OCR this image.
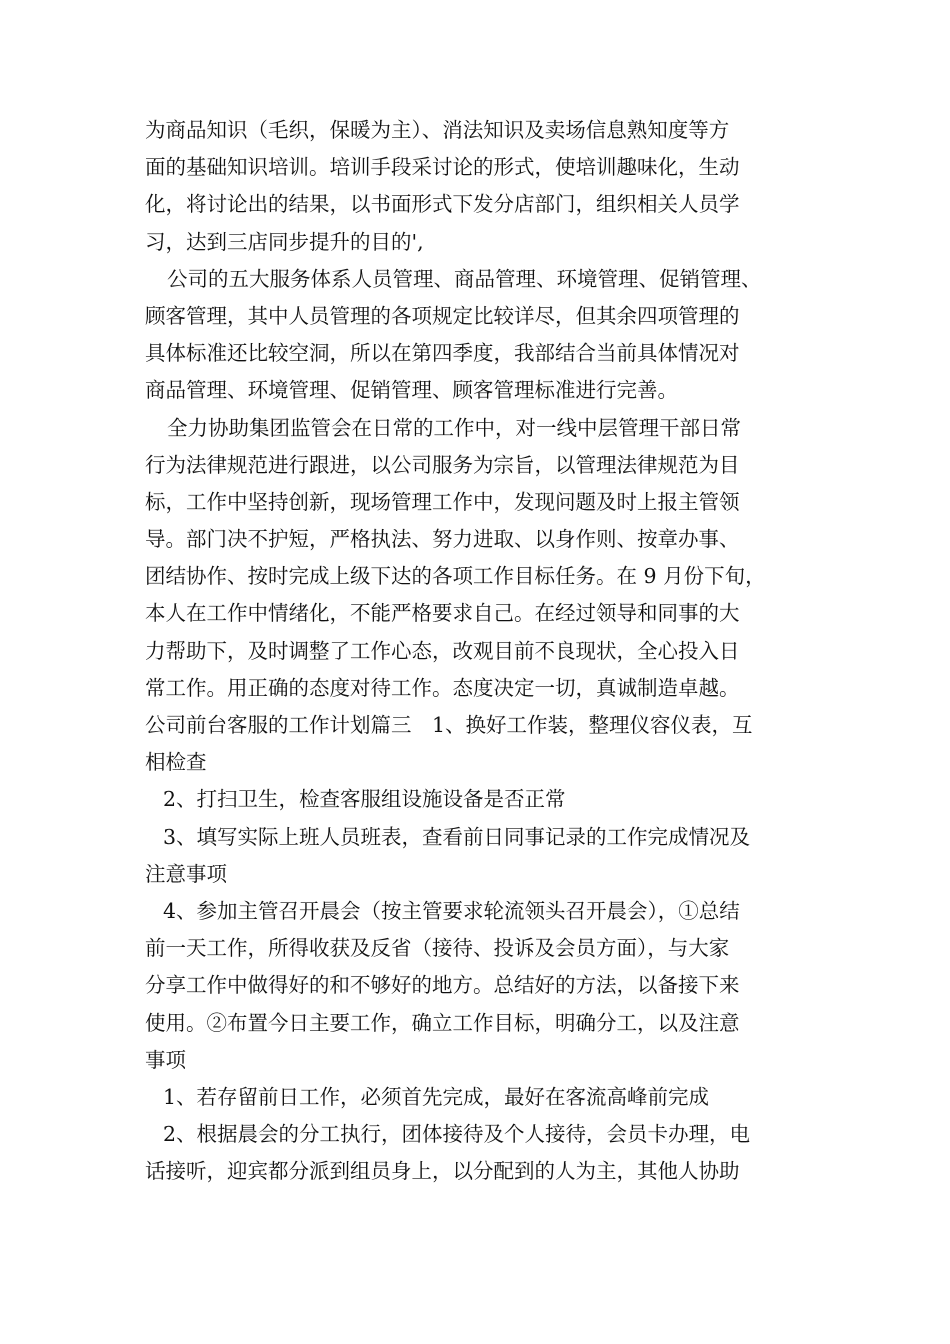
为商品知识（毛织，保暖为主）、消法知识及卖场信息熟知度等方
面的基础知识培训。培训手段采讨论的形式，使培训趣味化，生动
化，将讨论出的结果，以书面形式下发分店部门，组织相关人员学
习，达到三店同步提升的目的',
公司的五大服务体系人员管理、商品管理、环境管理、促销管理、
顾客管理，其中人员管理的各项规定比较详尽，但其余四项管理的
具体标准还比较空洞，所以在第四季度，我部结合当前具体情况对
商品管理、环境管理、促销管理、顾客管理标准进行完善。
全力协助集团监管会在日常的工作中，对一线中层管理干部日常
行为法律规范进行跟进，以公司服务为宗旨，以管理法律规范为目
标，工作中坚持创新，现场管理工作中，发现问题及时上报主管领
导。部门决不护短，严格执法、努力进取、以身作则、按章办事、
团结协作、按时完成上级下达的各项工作目标任务。在 9 月份下旬，
本人在工作中情绪化，不能严格要求自己。在经过领导和同事的大
力帮助下，及时调整了工作心态，改观目前不良现状，全心投入日
常工作。用正确的态度对待工作。态度决定一切，真诚制造卓越。
公司前台客服的工作计划篇三　1、换好工作装，整理仪容仪表，互
相检查
2、打扫卫生，检查客服组设施设备是否正常
3、填写实际上班人员班表，查看前日同事记录的工作完成情况及
注意事项
4、参加主管召开晨会（按主管要求轮流领头召开晨会），①总结
前一天工作，所得收获及反省（接待、投诉及会员方面），与大家
分享工作中做得好的和不够好的地方。总结好的方法，以备接下来
使用。②布置今日主要工作，确立工作目标，明确分工，以及注意
事项
1、若存留前日工作，必须首先完成，最好在客流高峰前完成
2、根据晨会的分工执行，团体接待及个人接待，会员卡办理，电
话接听，迎宾都分派到组员身上，以分配到的人为主，其他人协助
